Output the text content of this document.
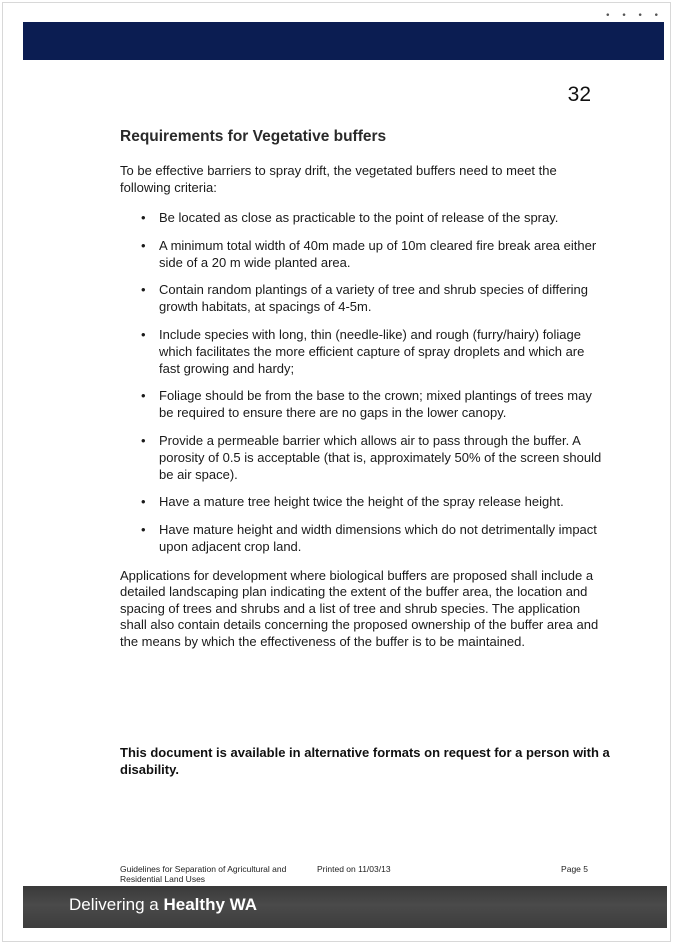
• • • •
32
Requirements for Vegetative buffers

To be effective barriers to spray drift, the vegetated buffers need to meet the following criteria:

• Be located as close as practicable to the point of release of the spray.
• A minimum total width of 40m made up of 10m cleared fire break area either side of a 20 m wide planted area.
• Contain random plantings of a variety of tree and shrub species of differing growth habitats, at spacings of 4-5m.
• Include species with long, thin (needle-like) and rough (furry/hairy) foliage which facilitates the more efficient capture of spray droplets and which are fast growing and hardy;
• Foliage should be from the base to the crown; mixed plantings of trees may be required to ensure there are no gaps in the lower canopy.
• Provide a permeable barrier which allows air to pass through the buffer. A porosity of 0.5 is acceptable (that is, approximately 50% of the screen should be air space).
• Have a mature tree height twice the height of the spray release height.
• Have mature height and width dimensions which do not detrimentally impact upon adjacent crop land.

Applications for development where biological buffers are proposed shall include a detailed landscaping plan indicating the extent of the buffer area, the location and spacing of trees and shrubs and a list of tree and shrub species. The application shall also contain details concerning the proposed ownership of the buffer area and the means by which the effectiveness of the buffer is to be maintained.

This document is available in alternative formats on request for a person with a disability.
Guidelines for Separation of Agricultural and Residential Land Uses
Printed on 11/03/13	Page 5
Delivering a Healthy WA
